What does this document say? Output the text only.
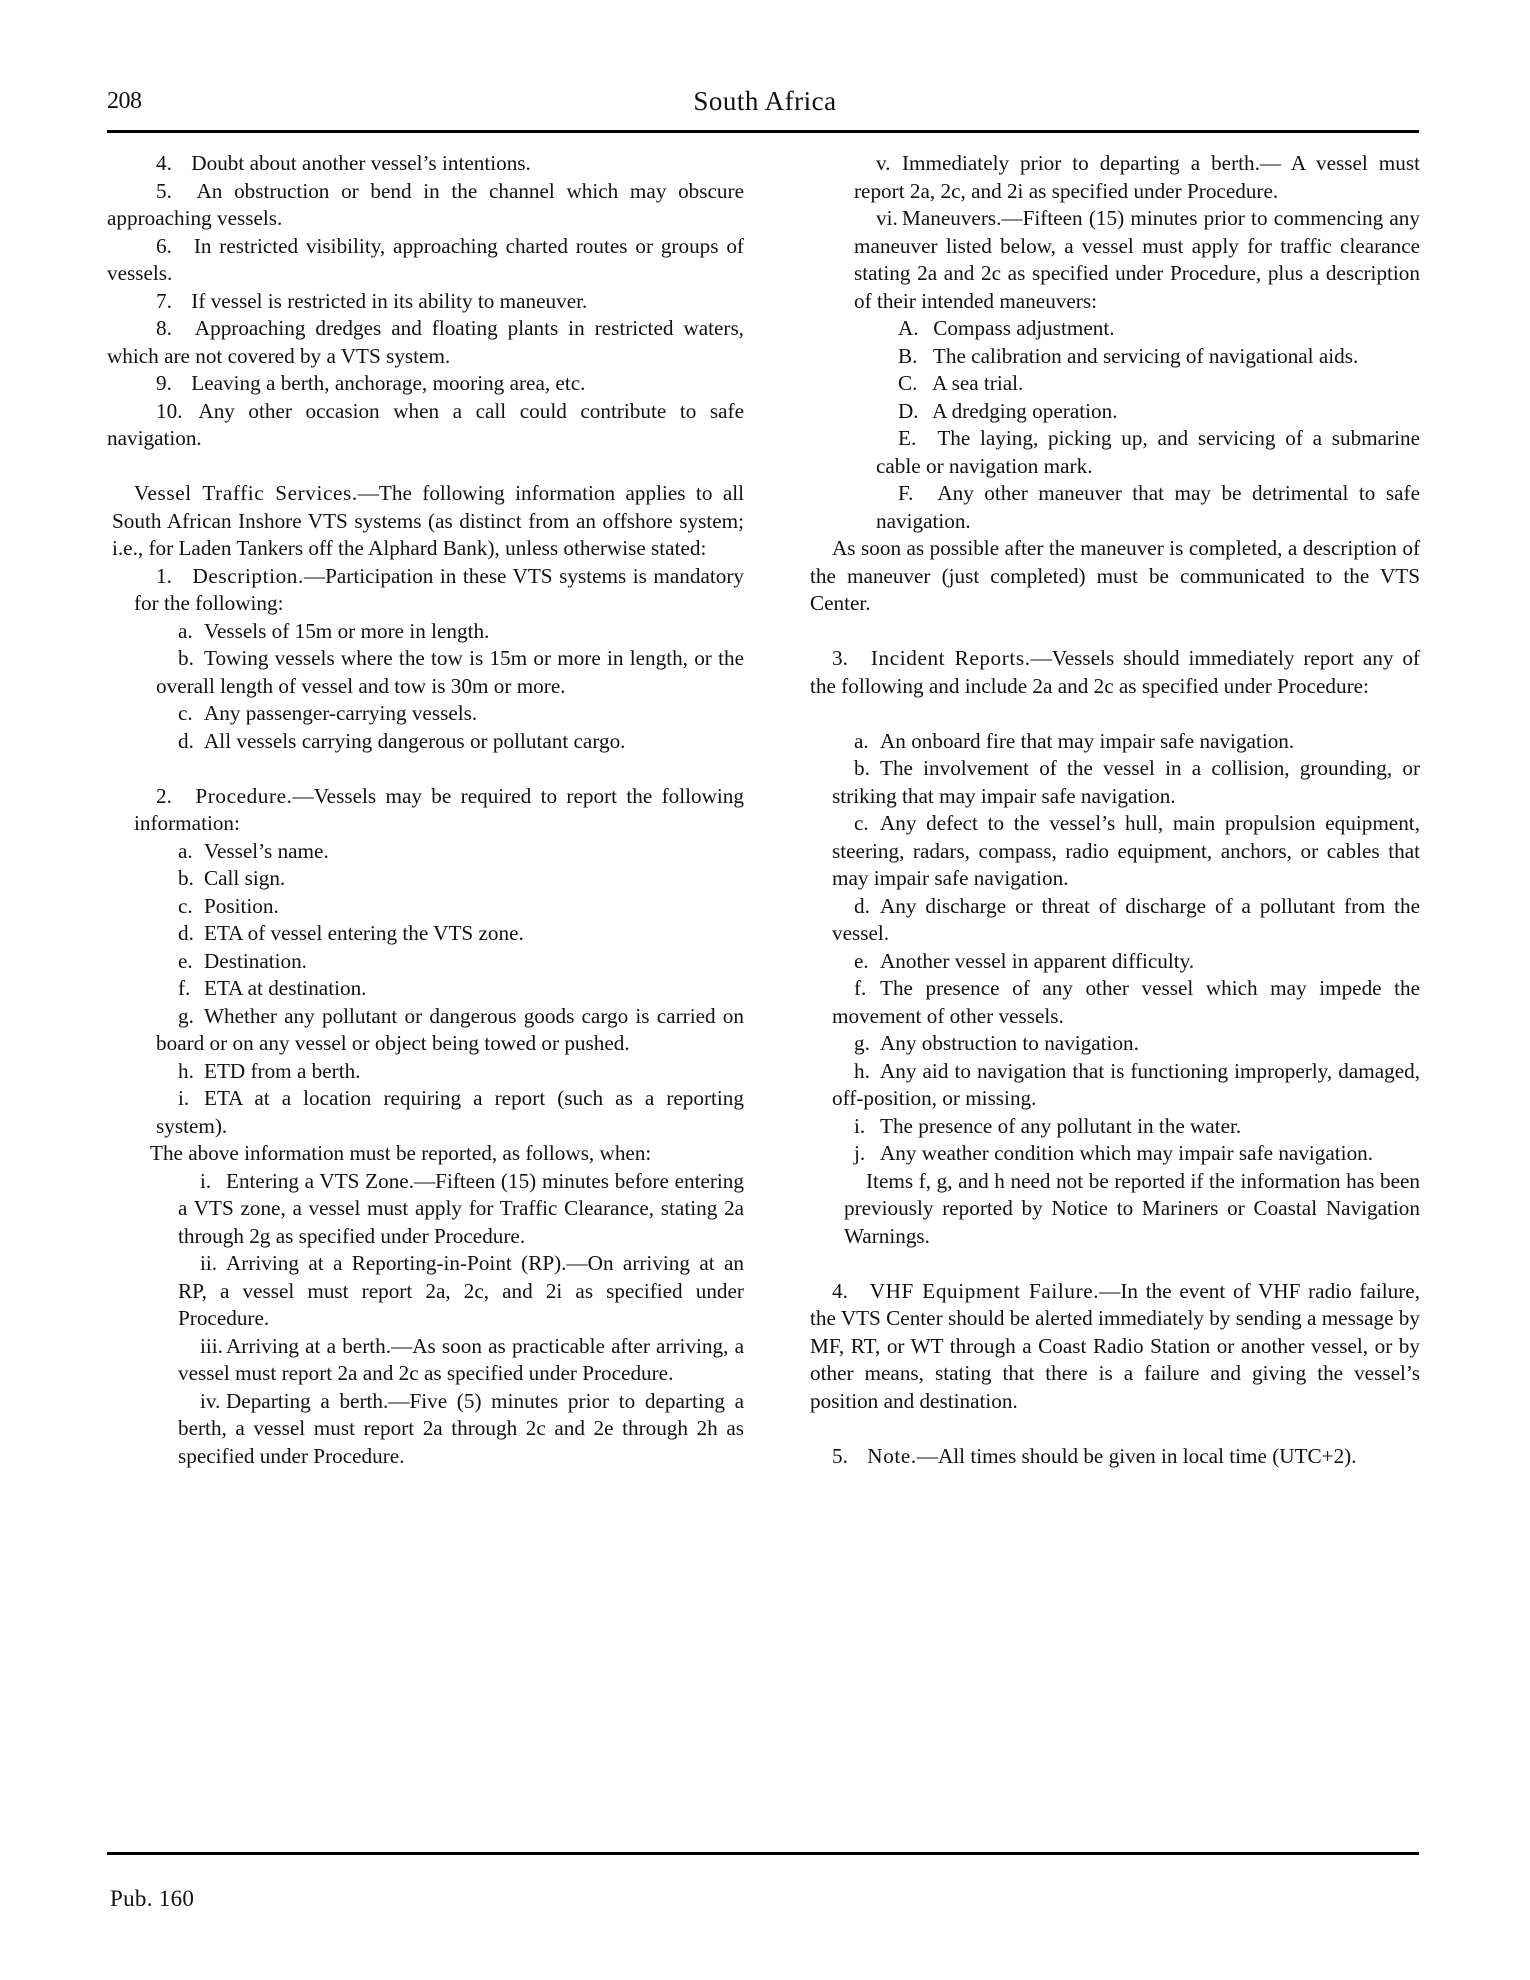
208	South Africa

4. Doubt about another vessel’s intentions.

5. An obstruction or bend in the channel which may obscure approaching vessels.

6. In restricted visibility, approaching charted routes or groups of vessels.

7. If vessel is restricted in its ability to maneuver.

8. Approaching dredges and floating plants in restricted waters, which are not covered by a VTS system.

9. Leaving a berth, anchorage, mooring area, etc.

10. Any other occasion when a call could contribute to safe navigation.

Vessel Traffic Services.—The following information applies to all South African Inshore VTS systems (as distinct from an offshore system; i.e., for Laden Tankers off the Alphard Bank), unless otherwise stated:

1. Description.—Participation in these VTS systems is mandatory for the following:

a. Vessels of 15m or more in length.

b. Towing vessels where the tow is 15m or more in length, or the overall length of vessel and tow is 30m or more.

c. Any passenger-carrying vessels.

d. All vessels carrying dangerous or pollutant cargo.

2. Procedure.—Vessels may be required to report the following information:

a. Vessel’s name.

b. Call sign.

c. Position.

d. ETA of vessel entering the VTS zone.

e. Destination.

f. ETA at destination.

g. Whether any pollutant or dangerous goods cargo is carried on board or on any vessel or object being towed or pushed.

h. ETD from a berth.

i. ETA at a location requiring a report (such as a reporting system).

The above information must be reported, as follows, when:

i. Entering a VTS Zone.—Fifteen (15) minutes before entering a VTS zone, a vessel must apply for Traffic Clearance, stating 2a through 2g as specified under Procedure.

ii. Arriving at a Reporting-in-Point (RP).—On arriving at an RP, a vessel must report 2a, 2c, and 2i as specified under Procedure.

iii. Arriving at a berth.—As soon as practicable after arriving, a vessel must report 2a and 2c as specified under Procedure.

iv. Departing a berth.—Five (5) minutes prior to departing a berth, a vessel must report 2a through 2c and 2e through 2h as specified under Procedure.

v. Immediately prior to departing a berth.— A vessel must report 2a, 2c, and 2i as specified under Procedure.

vi. Maneuvers.—Fifteen (15) minutes prior to commencing any maneuver listed below, a vessel must apply for traffic clearance stating 2a and 2c as specified under Procedure, plus a description of their intended maneuvers:

A. Compass adjustment.

B. The calibration and servicing of navigational aids.

C. A sea trial.

D. A dredging operation.

E. The laying, picking up, and servicing of a submarine cable or navigation mark.

F. Any other maneuver that may be detrimental to safe navigation.

As soon as possible after the maneuver is completed, a description of the maneuver (just completed) must be communicated to the VTS Center.

3. Incident Reports.—Vessels should immediately report any of the following and include 2a and 2c as specified under Procedure:

a. An onboard fire that may impair safe navigation.

b. The involvement of the vessel in a collision, grounding, or striking that may impair safe navigation.

c. Any defect to the vessel’s hull, main propulsion equipment, steering, radars, compass, radio equipment, anchors, or cables that may impair safe navigation.

d. Any discharge or threat of discharge of a pollutant from the vessel.

e. Another vessel in apparent difficulty.

f. The presence of any other vessel which may impede the movement of other vessels.

g. Any obstruction to navigation.

h. Any aid to navigation that is functioning improperly, damaged, off-position, or missing.

i. The presence of any pollutant in the water.

j. Any weather condition which may impair safe navigation.

Items f, g, and h need not be reported if the information has been previously reported by Notice to Mariners or Coastal Navigation Warnings.

4. VHF Equipment Failure.—In the event of VHF radio failure, the VTS Center should be alerted immediately by sending a message by MF, RT, or WT through a Coast Radio Station or another vessel, or by other means, stating that there is a failure and giving the vessel’s position and destination.

5. Note.—All times should be given in local time (UTC+2).

Pub. 160
